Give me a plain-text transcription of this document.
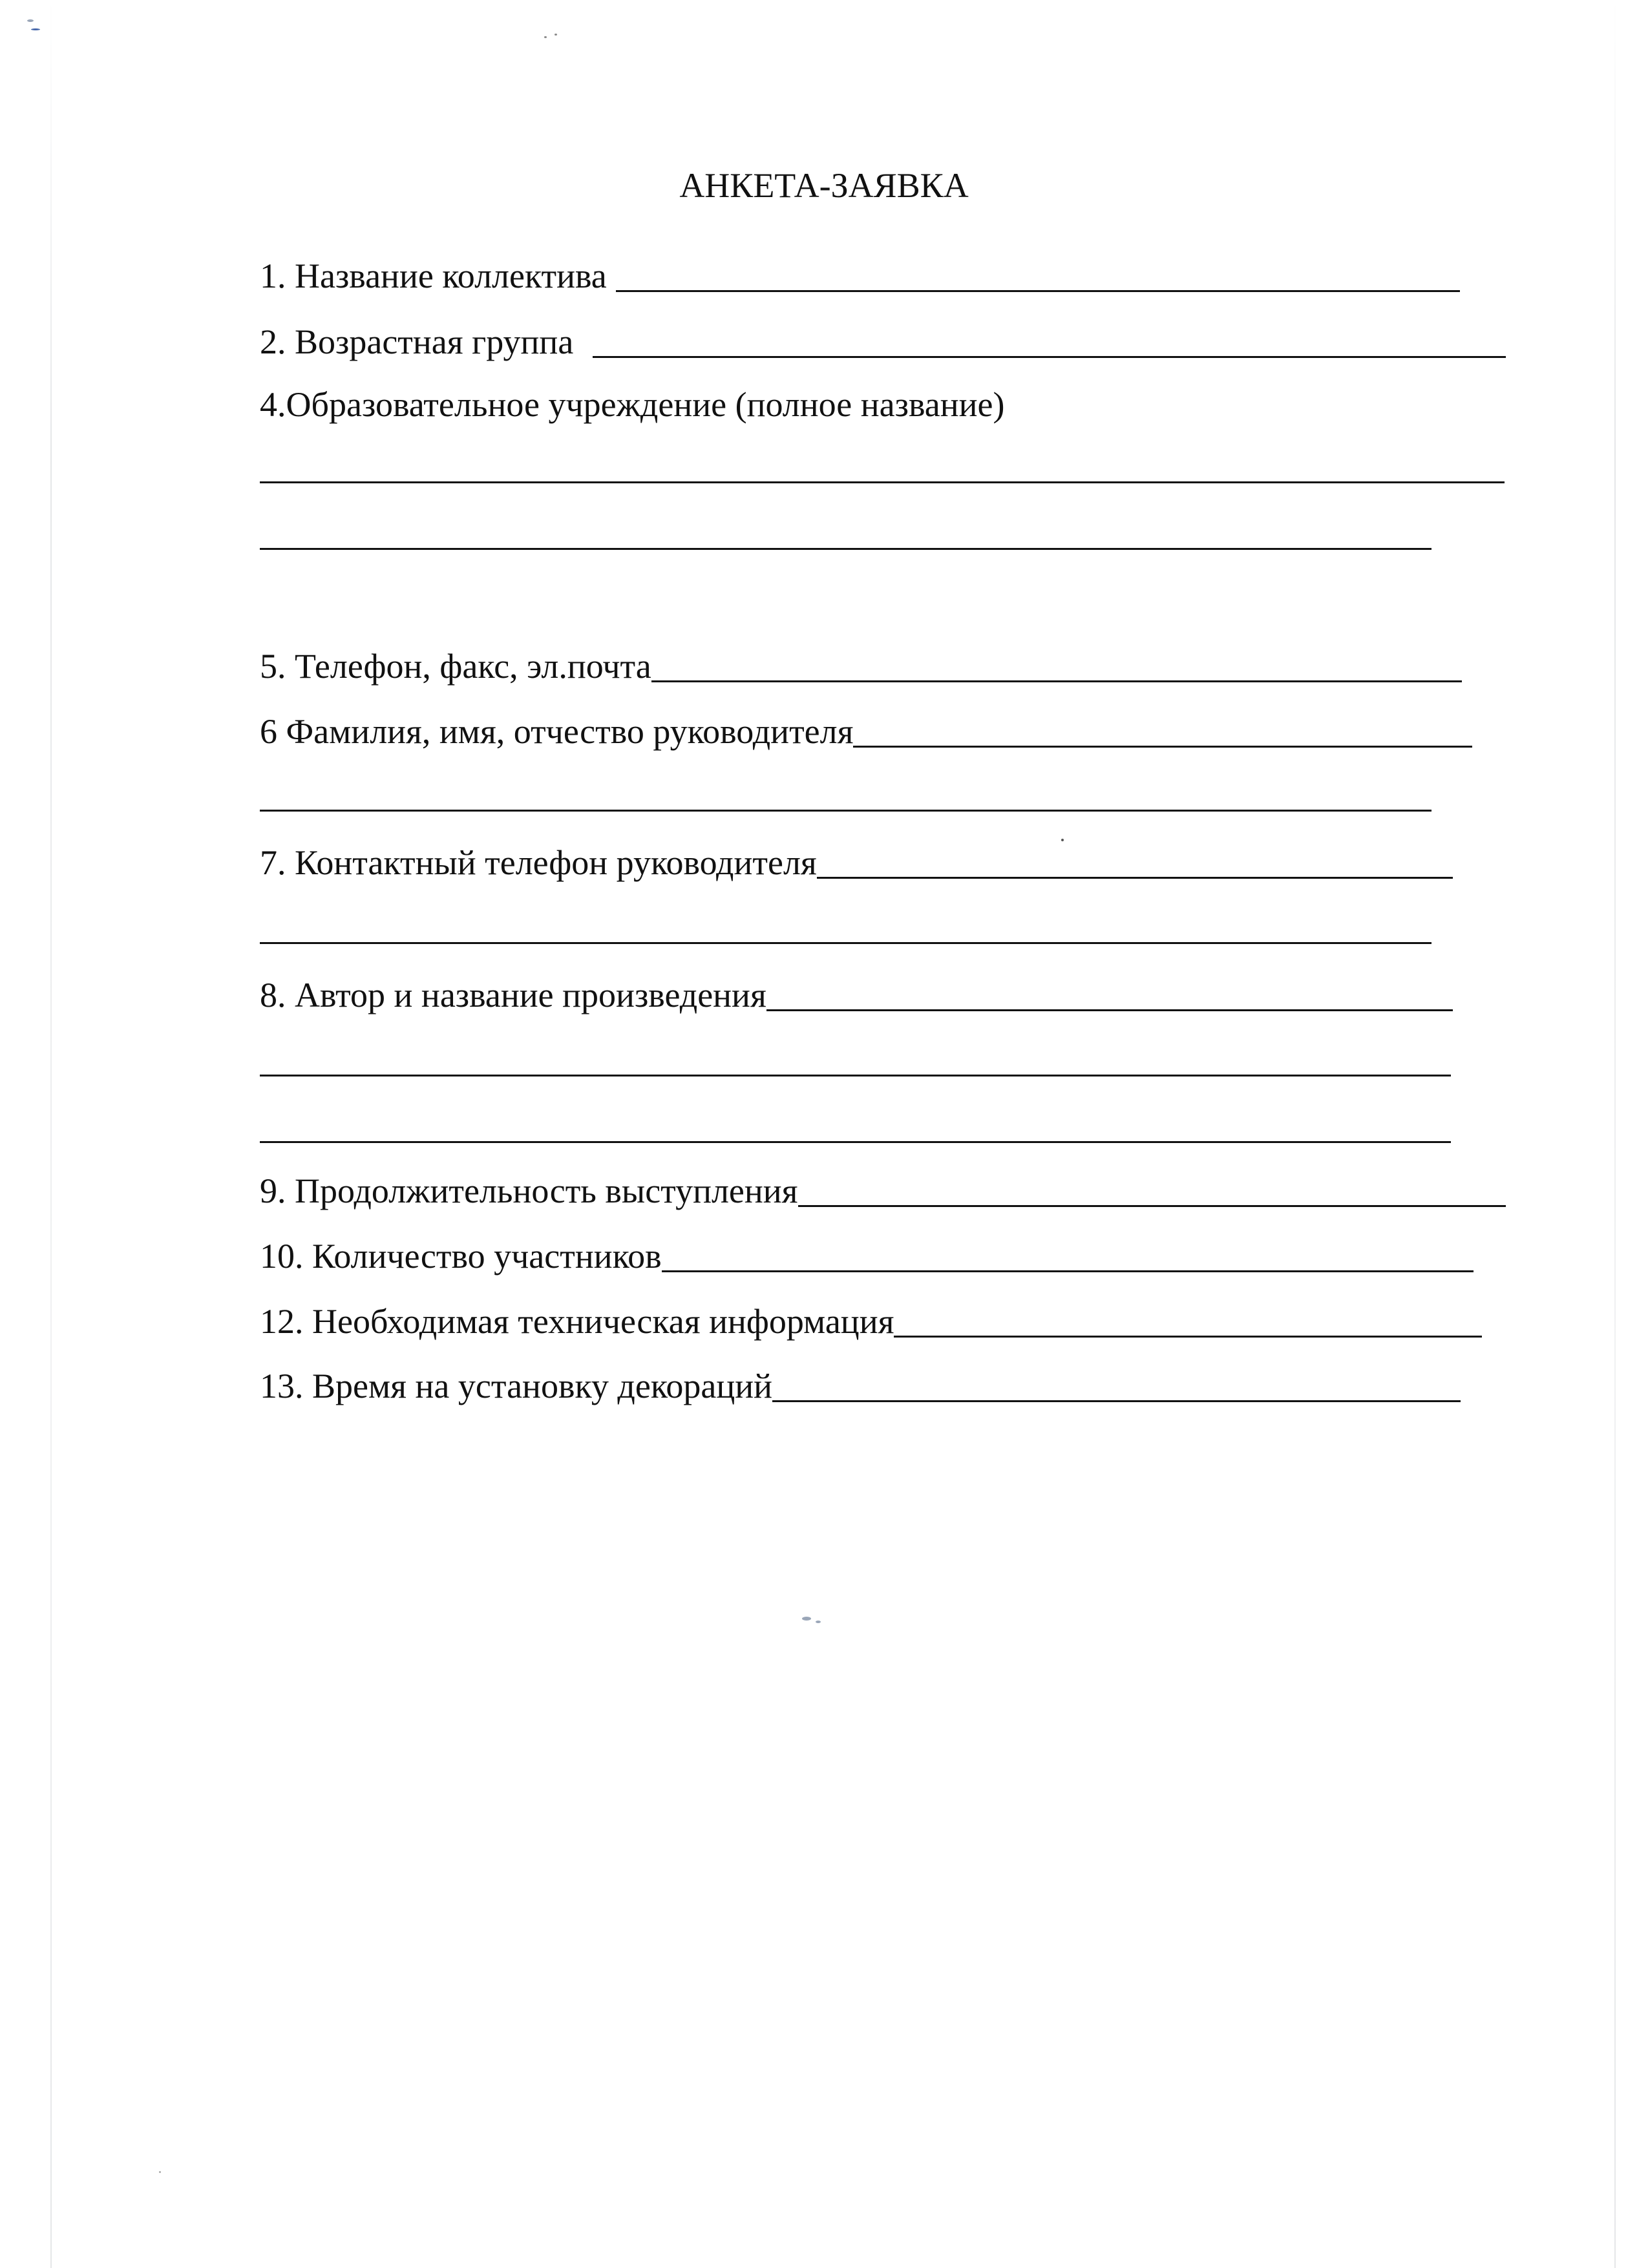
АНКЕТА-ЗАЯВКА
1. Название коллектива
2. Возрастная группа
4.Образовательное учреждение (полное название)
5. Телефон, факс, эл.почта
6 Фамилия, имя, отчество руководителя
7. Контактный телефон руководителя
8. Автор и название произведения
9. Продолжительность выступления
10. Количество участников
12. Необходимая техническая информация
13. Время на установку декораций
